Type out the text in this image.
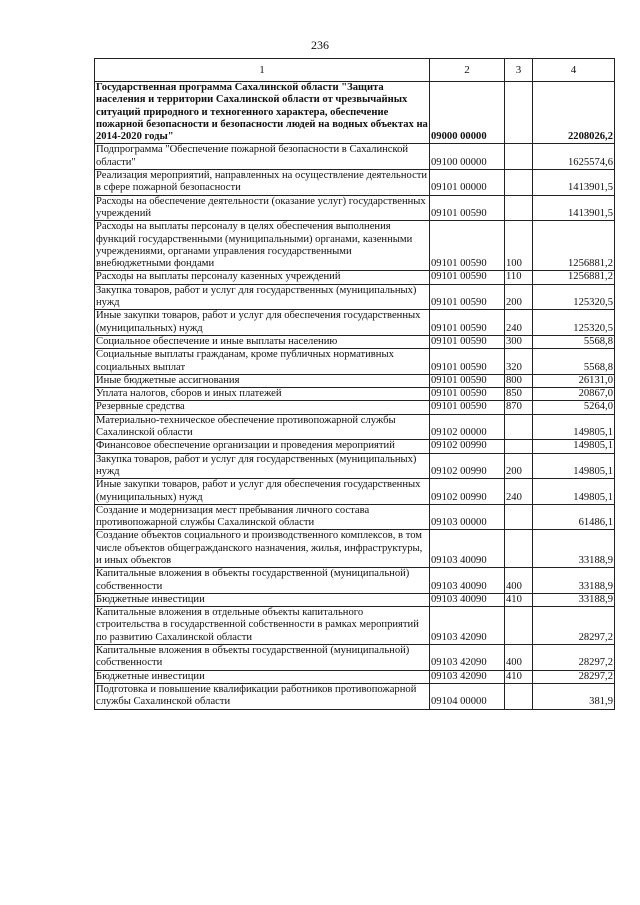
236
1	2	3	4
Государственная программа Сахалинской области "Защита населения и территории Сахалинской области от чрезвычайных ситуаций природного и техногенного характера, обеспечение пожарной безопасности и безопасности людей на водных объектах на 2014-2020 годы"	09000 00000		2208026,2
Подпрограмма "Обеспечение пожарной безопасности в Сахалинской области"	09100 00000		1625574,6
Реализация мероприятий, направленных на осуществление деятельности в сфере пожарной безопасности	09101 00000		1413901,5
Расходы на обеспечение деятельности (оказание услуг) государственных учреждений	09101 00590		1413901,5
Расходы на выплаты персоналу в целях обеспечения выполнения функций государственными (муниципальными) органами, казенными учреждениями, органами управления государственными внебюджетными фондами	09101 00590	100	1256881,2
Расходы на выплаты персоналу казенных учреждений	09101 00590	110	1256881,2
Закупка товаров, работ и услуг для государственных (муниципальных) нужд	09101 00590	200	125320,5
Иные закупки товаров, работ и услуг для обеспечения государственных (муниципальных) нужд	09101 00590	240	125320,5
Социальное обеспечение и иные выплаты населению	09101 00590	300	5568,8
Социальные выплаты гражданам, кроме публичных нормативных социальных выплат	09101 00590	320	5568,8
Иные бюджетные ассигнования	09101 00590	800	26131,0
Уплата налогов, сборов и иных платежей	09101 00590	850	20867,0
Резервные средства	09101 00590	870	5264,0
Материально-техническое обеспечение противопожарной службы Сахалинской области	09102 00000		149805,1
Финансовое обеспечение организации и проведения мероприятий	09102 00990		149805,1
Закупка товаров, работ и услуг для государственных (муниципальных) нужд	09102 00990	200	149805,1
Иные закупки товаров, работ и услуг для обеспечения государственных (муниципальных) нужд	09102 00990	240	149805,1
Создание и модернизация мест пребывания личного состава противопожарной службы Сахалинской области	09103 00000		61486,1
Создание объектов социального и производственного комплексов, в том числе объектов общегражданского назначения, жилья, инфраструктуры, и иных объектов	09103 40090		33188,9
Капитальные вложения в объекты государственной (муниципальной) собственности	09103 40090	400	33188,9
Бюджетные инвестиции	09103 40090	410	33188,9
Капитальные вложения в отдельные объекты капитального строительства в государственной собственности в рамках мероприятий по развитию Сахалинской области	09103 42090		28297,2
Капитальные вложения в объекты государственной (муниципальной) собственности	09103 42090	400	28297,2
Бюджетные инвестиции	09103 42090	410	28297,2
Подготовка и повышение квалификации работников противопожарной службы Сахалинской области	09104 00000		381,9
